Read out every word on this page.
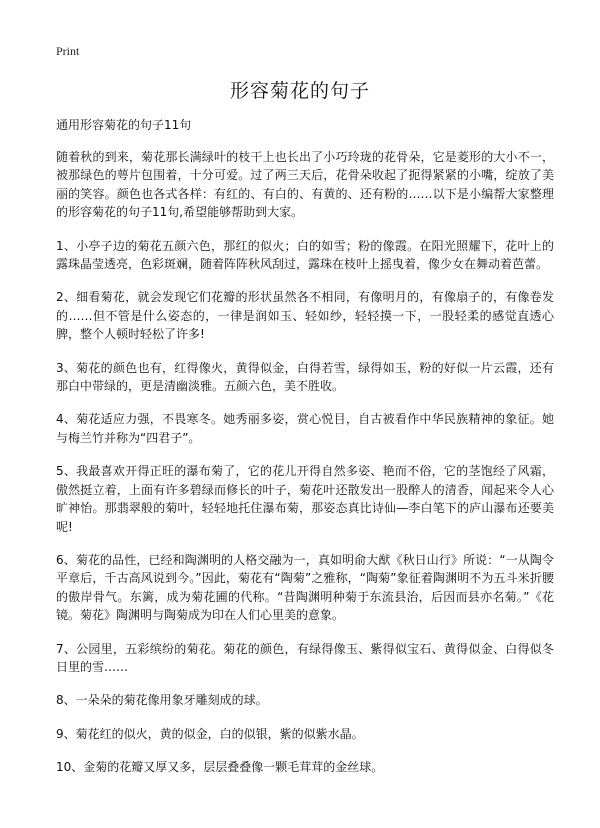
Print
形容菊花的句子

通用形容菊花的句子11句

随着秋的到来，菊花那长满绿叶的枝干上也长出了小巧玲珑的花骨朵，它是菱形的大小不一，被那绿色的萼片包围着，十分可爱。过了两三天后，花骨朵收起了扼得紧紧的小嘴，绽放了美丽的笑容。颜色也各式各样：有红的、有白的、有黄的、还有粉的……以下是小编帮大家整理的形容菊花的句子11句,希望能够帮助到大家。

1、小亭子边的菊花五颜六色，那红的似火；白的如雪；粉的像霞。在阳光照耀下，花叶上的露珠晶莹透亮，色彩斑斓，随着阵阵秋风刮过，露珠在枝叶上摇曳着，像少女在舞动着芭蕾。

2、细看菊花，就会发现它们花瓣的形状虽然各不相同，有像明月的，有像扇子的，有像卷发的……但不管是什么姿态的，一律是润如玉、轻如纱，轻轻摸一下，一股轻柔的感觉直透心脾，整个人顿时轻松了许多!

3、菊花的颜色也有，红得像火，黄得似金，白得若雪，绿得如玉，粉的好似一片云霞，还有那白中带绿的，更是清幽淡雅。五颜六色，美不胜收。

4、菊花适应力强，不畏寒冬。她秀丽多姿，赏心悦目，自古被看作中华民族精神的象征。她与梅兰竹并称为“四君子”。

5、我最喜欢开得正旺的瀑布菊了，它的花儿开得自然多姿、艳而不俗，它的茎饱经了风霜，傲然挺立着，上面有许多碧绿而修长的叶子，菊花叶还散发出一股醉人的清香，闻起来令人心旷神怡。那翡翠般的菊叶，轻轻地托住瀑布菊，那姿态真比诗仙—李白笔下的庐山瀑布还要美呢!

6、菊花的品性，已经和陶渊明的人格交融为一，真如明俞大猷《秋日山行》所说：“一从陶令平章后，千古高风说到今。”因此，菊花有“陶菊”之雅称，“陶菊”象征着陶渊明不为五斗米折腰的傲岸骨气。东篱，成为菊花圃的代称。“昔陶渊明种菊于东流县治，后因而县亦名菊。”《花镜。菊花》陶渊明与陶菊成为印在人们心里美的意象。

7、公园里，五彩缤纷的菊花。菊花的颜色，有绿得像玉、紫得似宝石、黄得似金、白得似冬日里的雪……

8、一朵朵的菊花像用象牙雕刻成的球。

9、菊花红的似火，黄的似金，白的似银，紫的似紫水晶。

10、金菊的花瓣又厚又多，层层叠叠像一颗毛茸茸的金丝球。
